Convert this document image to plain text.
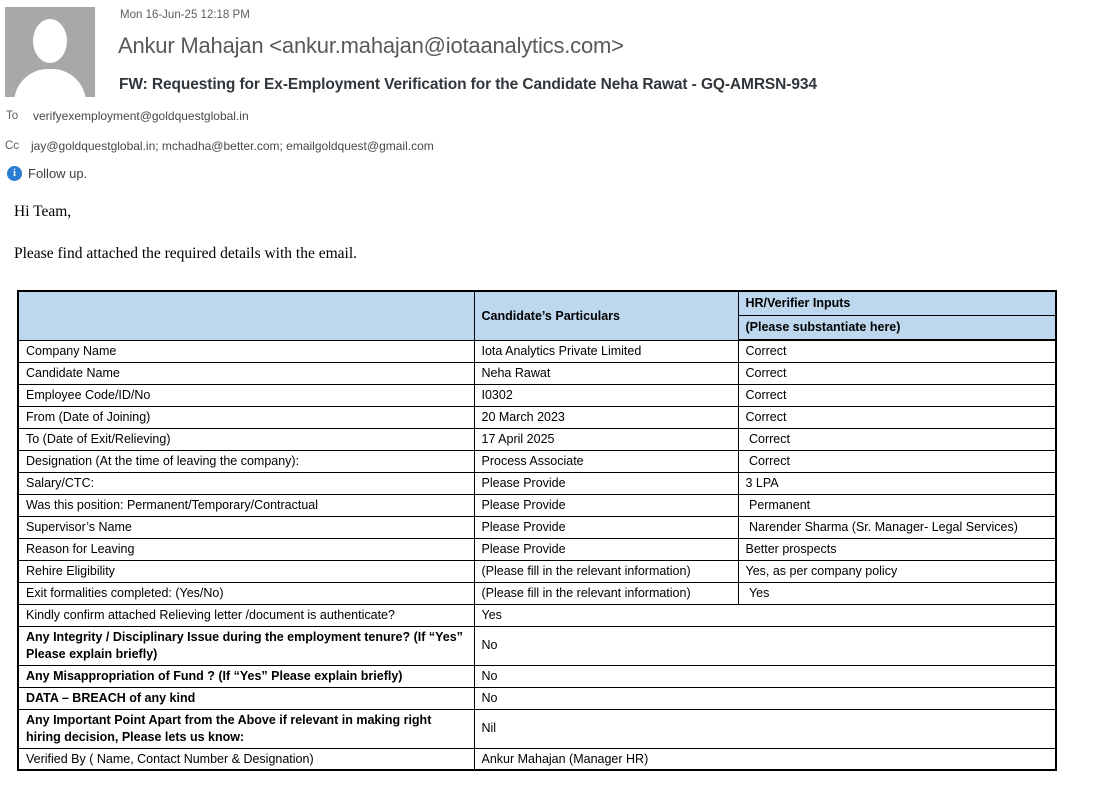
Mon 16-Jun-25 12:18 PM
Ankur Mahajan <ankur.mahajan@iotaanalytics.com>
FW: Requesting for Ex-Employment Verification for the Candidate Neha Rawat - GQ-AMRSN-934
To verifyexemployment@goldquestglobal.in
Cc jay@goldquestglobal.in; mchadha@better.com; emailgoldquest@gmail.com
i Follow up.
Hi Team,
Please find attached the required details with the email.
	Candidate’s Particulars	HR/Verifier Inputs
		(Please substantiate here)
Company Name	Iota Analytics Private Limited	Correct
Candidate Name	Neha Rawat	Correct
Employee Code/ID/No	I0302	Correct
From (Date of Joining)	20 March 2023	Correct
To (Date of Exit/Relieving)	17 April 2025	Correct
Designation (At the time of leaving the company):	Process Associate	Correct
Salary/CTC:	Please Provide	3 LPA
Was this position: Permanent/Temporary/Contractual	Please Provide	Permanent
Supervisor’s Name	Please Provide	Narender Sharma (Sr. Manager- Legal Services)
Reason for Leaving	Please Provide	Better prospects
Rehire Eligibility	(Please fill in the relevant information)	Yes, as per company policy
Exit formalities completed: (Yes/No)	(Please fill in the relevant information)	Yes
Kindly confirm attached Relieving letter /document is authenticate?	Yes	
Any Integrity / Disciplinary Issue during the employment tenure? (If “Yes” Please explain briefly)	No	
Any Misappropriation of Fund ? (If “Yes” Please explain briefly)	No	
DATA – BREACH of any kind	No	
Any Important Point Apart from the Above if relevant in making right hiring decision, Please lets us know:	Nil	
Verified By ( Name, Contact Number & Designation)	Ankur Mahajan (Manager HR)	
